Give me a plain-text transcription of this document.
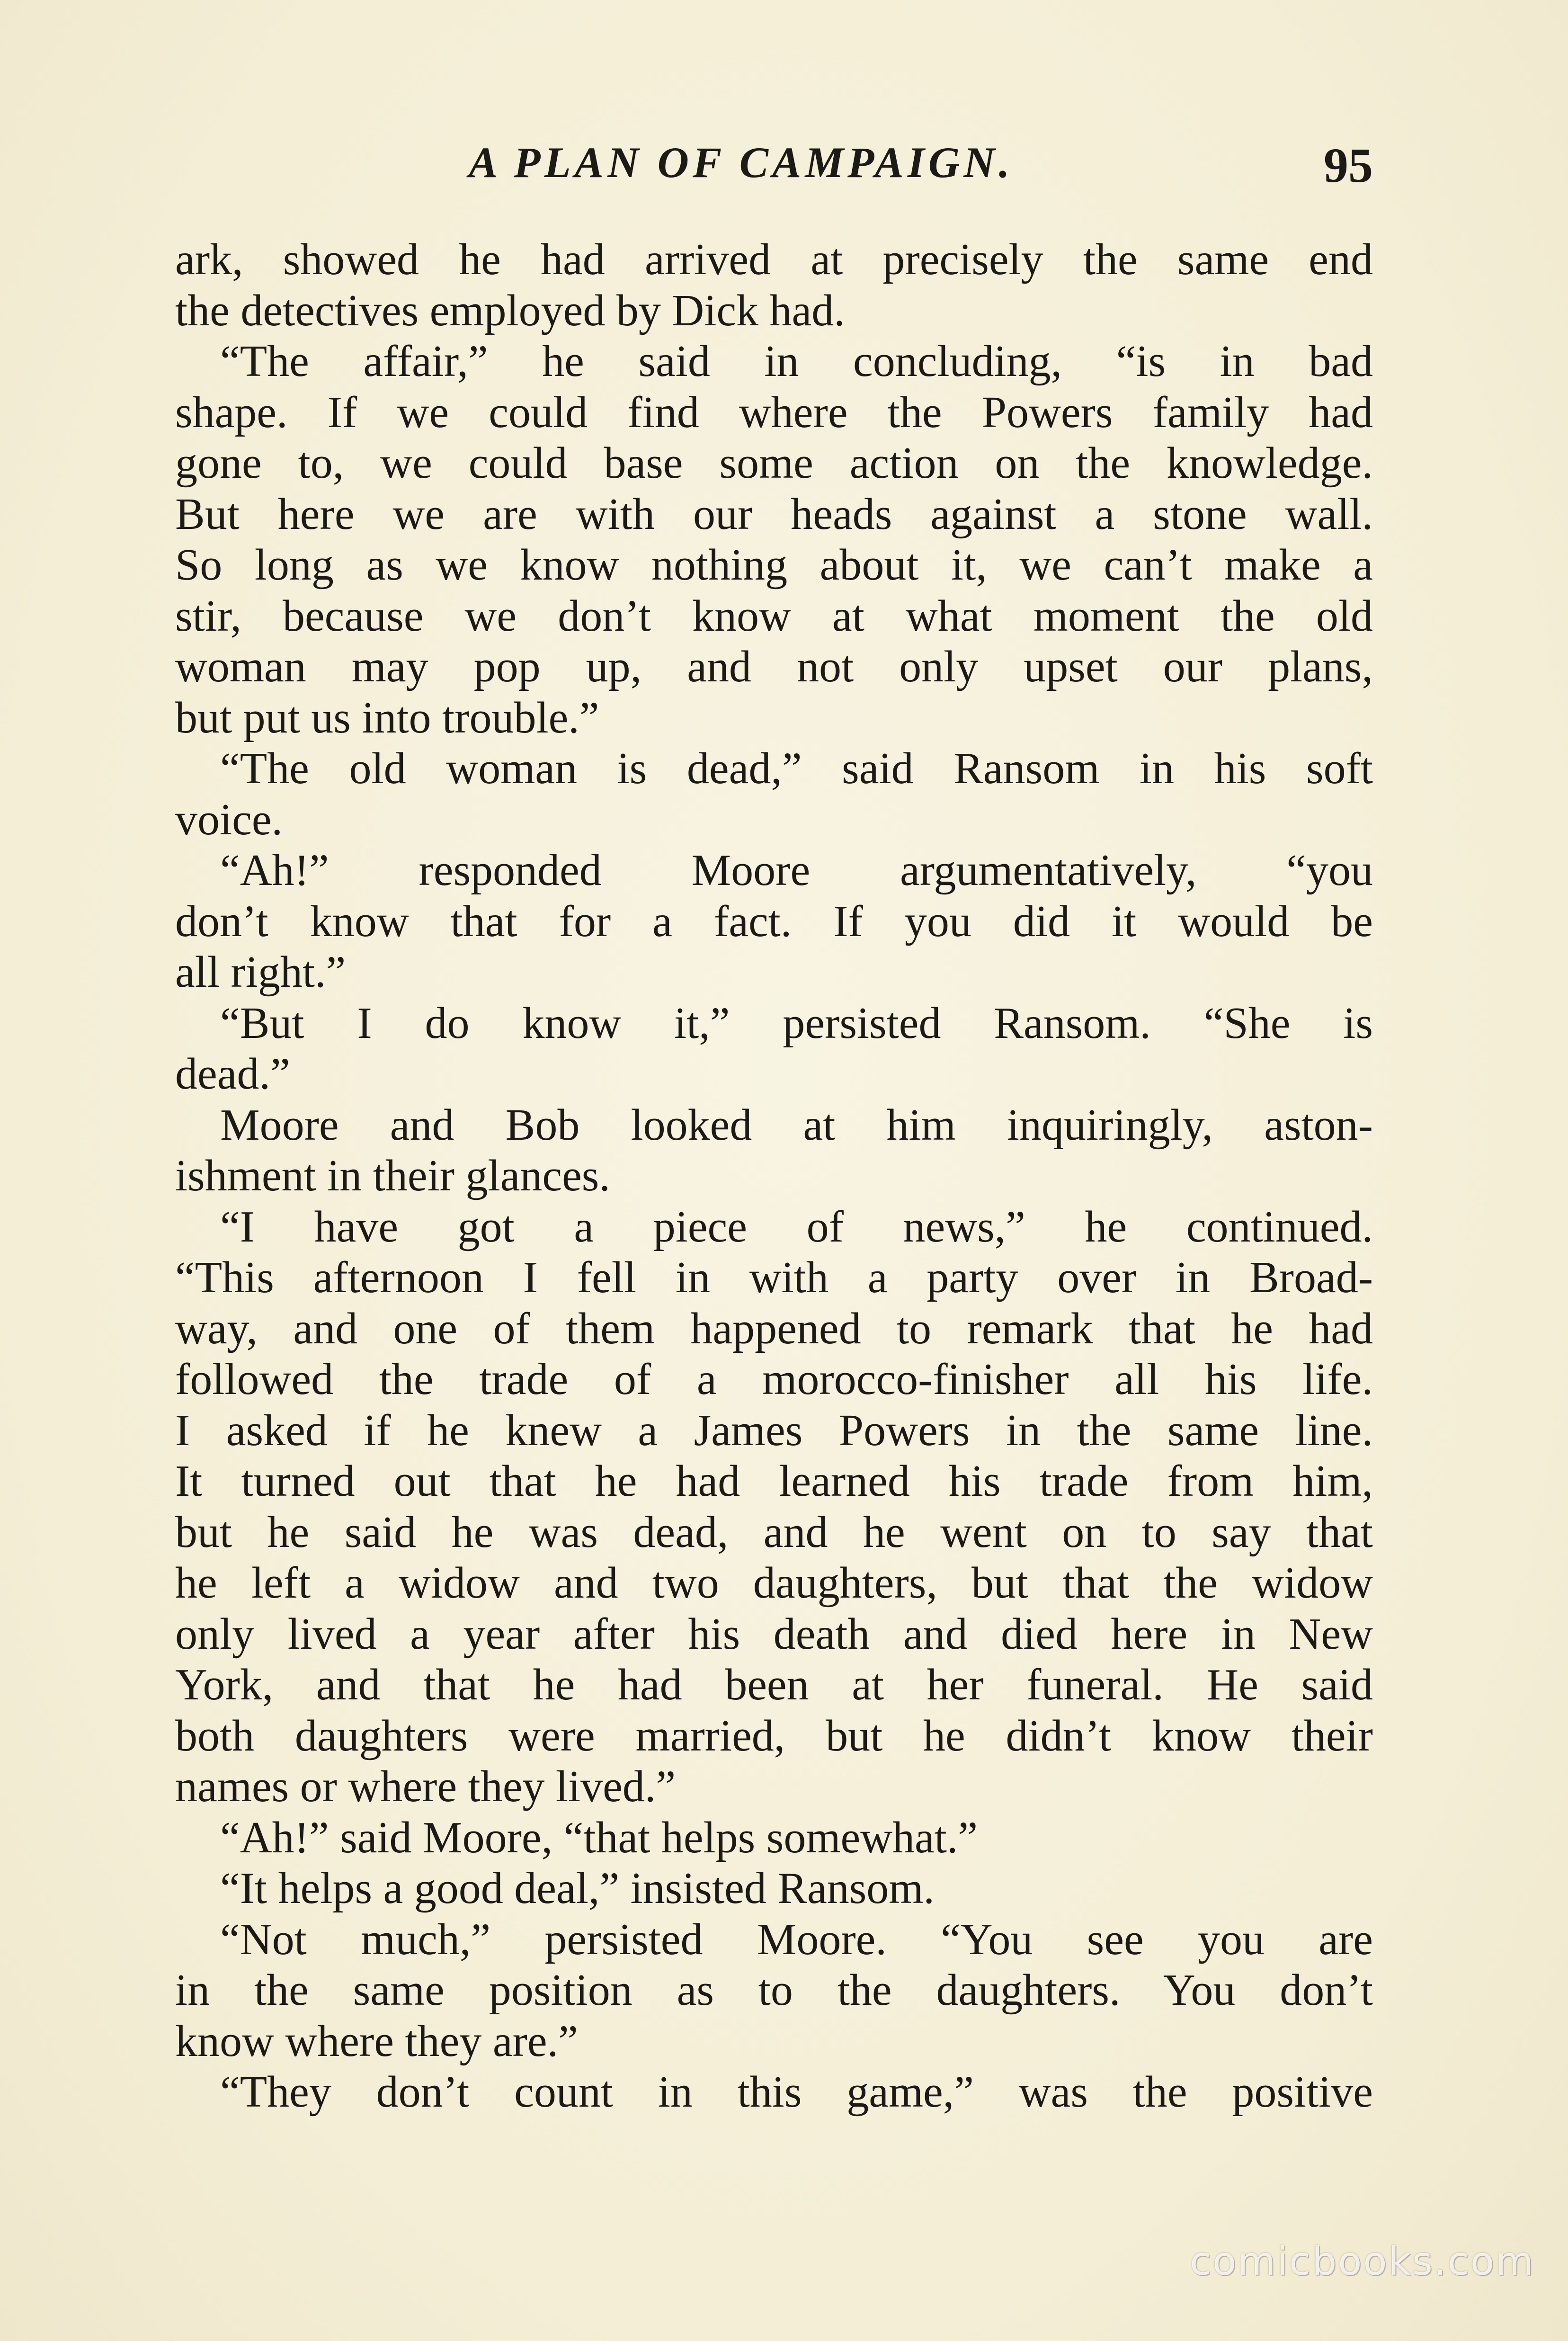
A PLAN OF CAMPAIGN.	95
ark, showed he had arrived at precisely the same end
the detectives employed by Dick had.
“The affair,” he said in concluding, “is in bad
shape. If we could find where the Powers family had
gone to, we could base some action on the knowledge.
But here we are with our heads against a stone wall.
So long as we know nothing about it, we can’t make a
stir, because we don’t know at what moment the old
woman may pop up, and not only upset our plans,
but put us into trouble.”
“The old woman is dead,” said Ransom in his soft
voice.
“Ah!” responded Moore argumentatively, “you
don’t know that for a fact. If you did it would be
all right.”
“But I do know it,” persisted Ransom. “She is
dead.”
Moore and Bob looked at him inquiringly, aston-
ishment in their glances.
“I have got a piece of news,” he continued.
“This afternoon I fell in with a party over in Broad-
way, and one of them happened to remark that he had
followed the trade of a morocco-finisher all his life.
I asked if he knew a James Powers in the same line.
It turned out that he had learned his trade from him,
but he said he was dead, and he went on to say that
he left a widow and two daughters, but that the widow
only lived a year after his death and died here in New
York, and that he had been at her funeral. He said
both daughters were married, but he didn’t know their
names or where they lived.”
“Ah!” said Moore, “that helps somewhat.”
“It helps a good deal,” insisted Ransom.
“Not much,” persisted Moore. “You see you are
in the same position as to the daughters. You don’t
know where they are.”
“They don’t count in this game,” was the positive
comicbooks.com
